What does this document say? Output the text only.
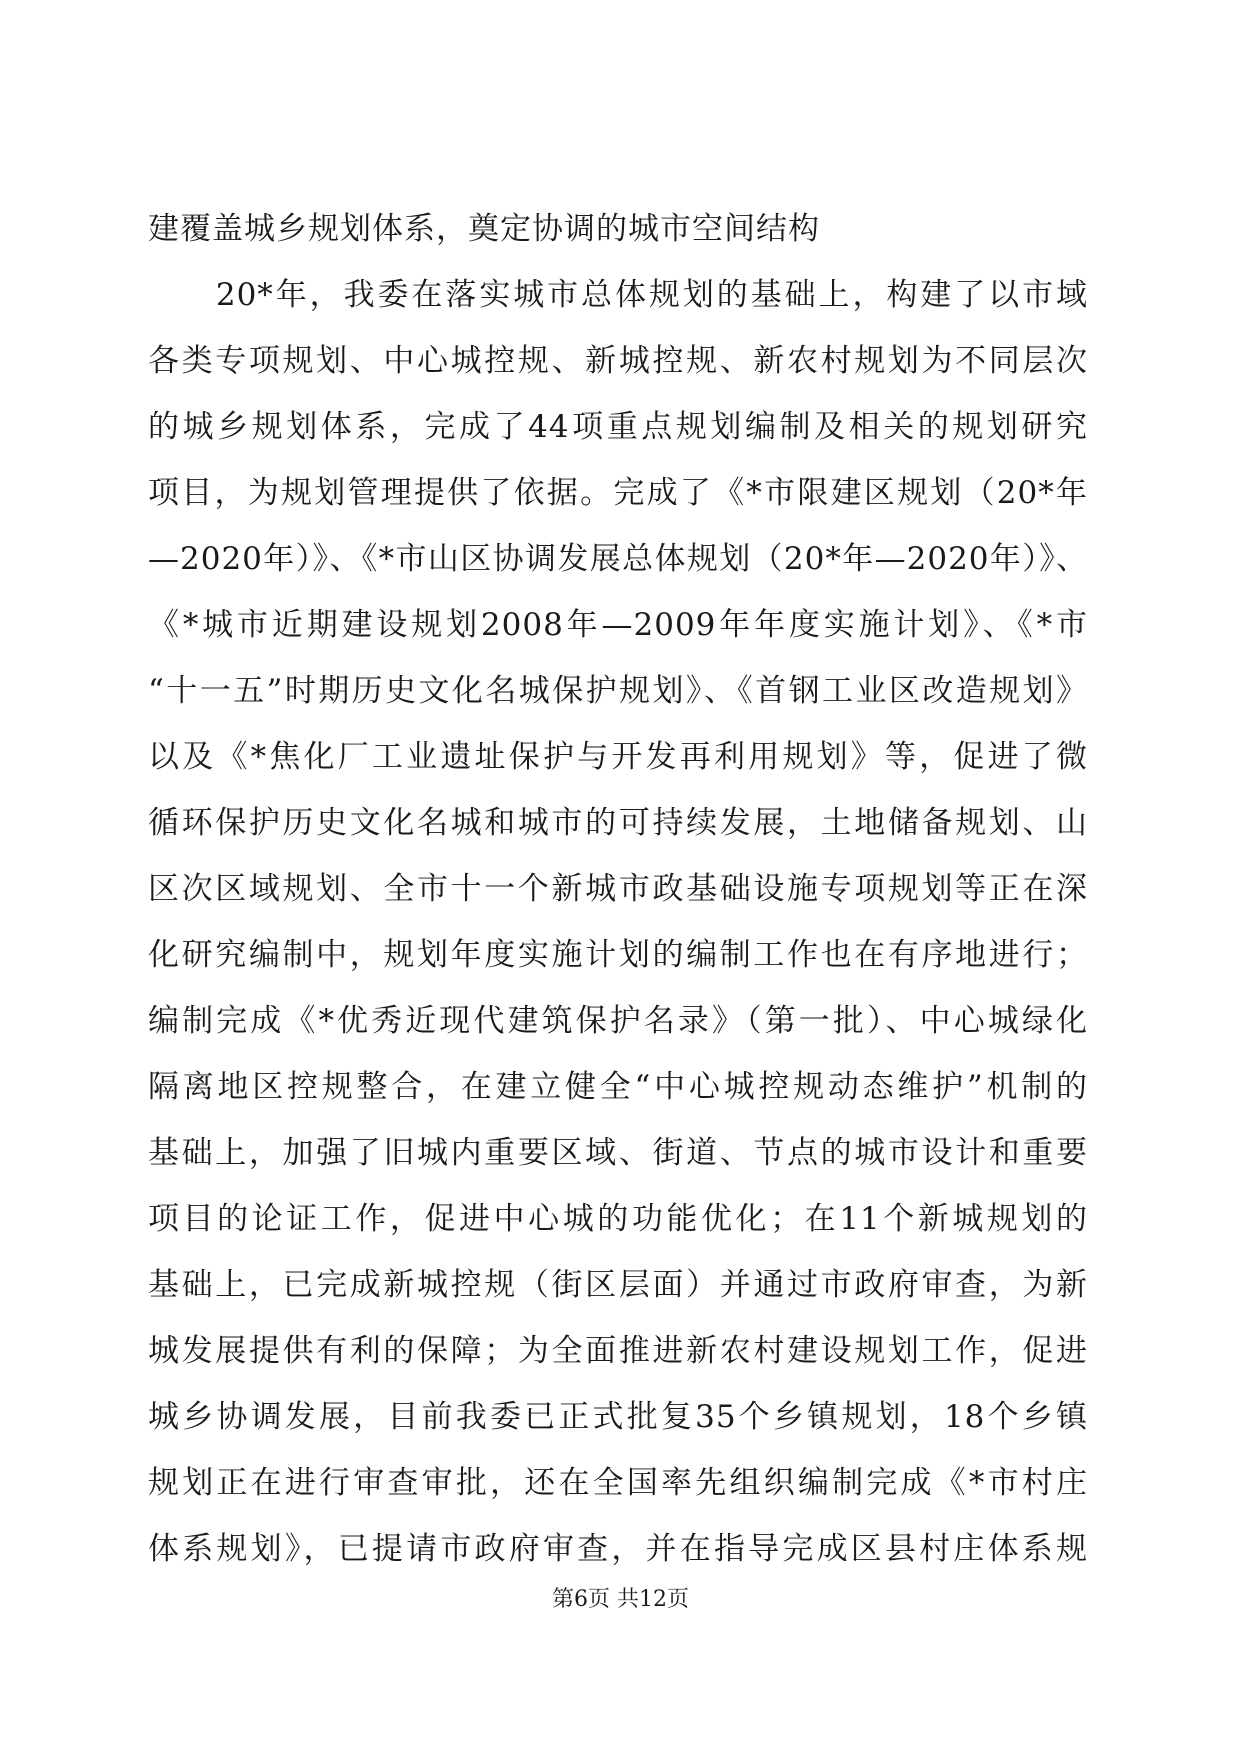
建覆盖城乡规划体系，奠定协调的城市空间结构
　　20*年，我委在落实城市总体规划的基础上，构建了以市域
各类专项规划、中心城控规、新城控规、新农村规划为不同层次
的城乡规划体系，完成了44项重点规划编制及相关的规划研究
项目，为规划管理提供了依据。完成了《*市限建区规划（20*年
—2020年）》、《*市山区协调发展总体规划（20*年—2020年）》、
《*城市近期建设规划2008年—2009年年度实施计划》、《*市
“十一五”时期历史文化名城保护规划》、《首钢工业区改造规划》
以及《*焦化厂工业遗址保护与开发再利用规划》等，促进了微
循环保护历史文化名城和城市的可持续发展，土地储备规划、山
区次区域规划、全市十一个新城市政基础设施专项规划等正在深
化研究编制中，规划年度实施计划的编制工作也在有序地进行；
编制完成《*优秀近现代建筑保护名录》（第一批）、中心城绿化
隔离地区控规整合，在建立健全“中心城控规动态维护”机制的
基础上，加强了旧城内重要区域、街道、节点的城市设计和重要
项目的论证工作，促进中心城的功能优化；在11个新城规划的
基础上，已完成新城控规（街区层面）并通过市政府审查，为新
城发展提供有利的保障；为全面推进新农村建设规划工作，促进
城乡协调发展，目前我委已正式批复35个乡镇规划，18个乡镇
规划正在进行审查审批，还在全国率先组织编制完成《*市村庄
体系规划》，已提请市政府审查，并在指导完成区县村庄体系规
第6页 共12页
